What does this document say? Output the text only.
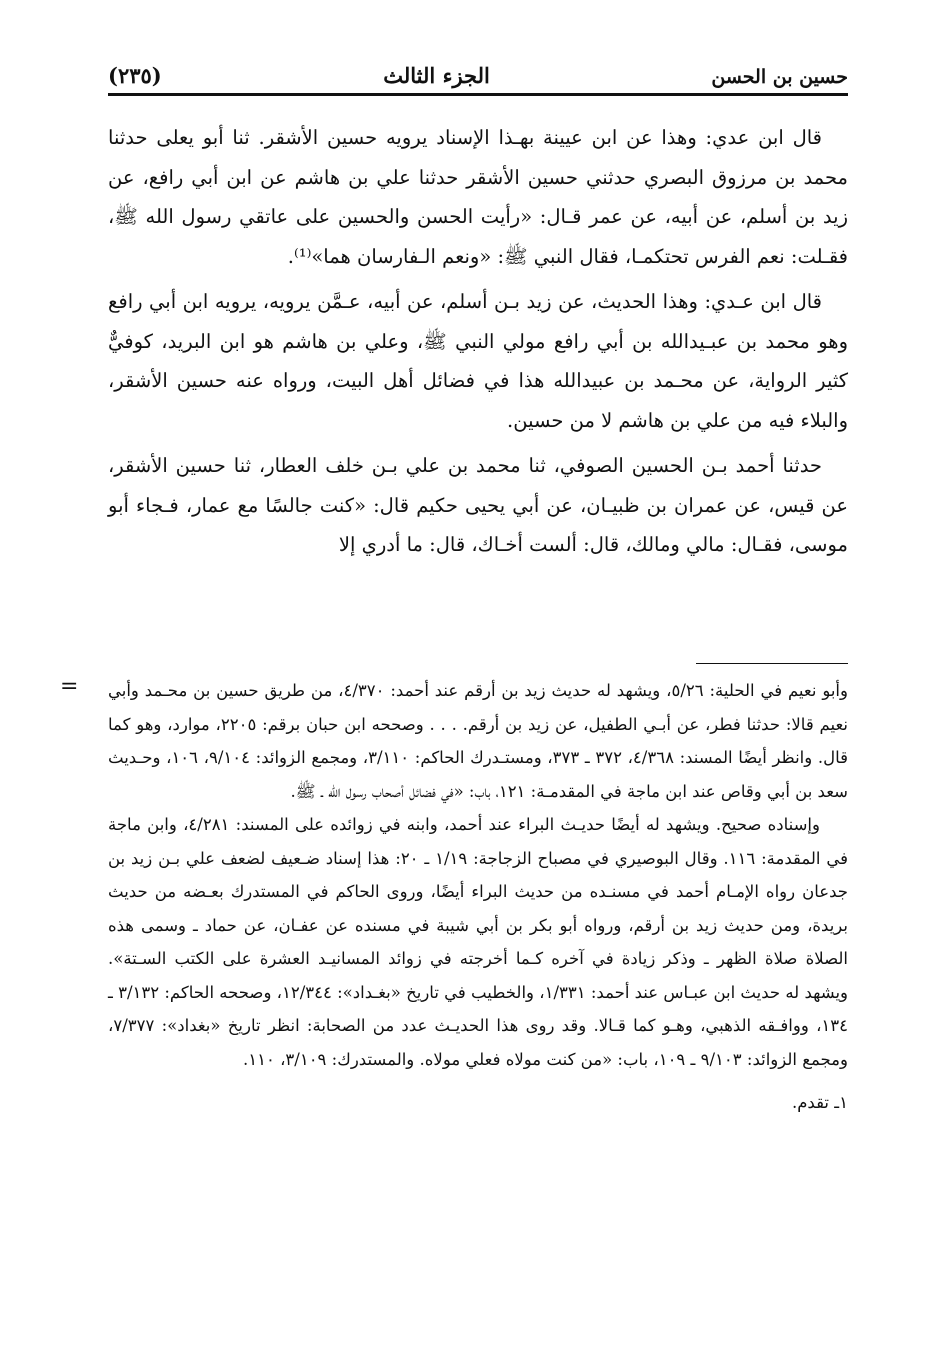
حسين بن الحسن
الجزء الثالث
(٢٣٥)

قال ابن عدي: وهذا عن ابن عيينة بهـذا الإسناد يرويه حسين الأشقر. ثنا أبو يعلى حدثنا محمد بن مرزوق البصري حدثني حسين الأشقر حدثنا علي بن هاشم عن ابن أبي رافع، عن زيد بن أسلم، عن أبيه، عن عمر قـال: «رأيت الحسن والحسين على عاتقي رسول الله ﷺ، فقـلت: نعم الفرس تحتكمـا، فقال النبي ﷺ: «ونعم الـفارسان هما»⁽¹⁾.

قال ابن عـدي: وهذا الحديث، عن زيد بـن أسلم، عن أبيه، عـمَّن يرويه، يرويه ابن أبي رافع وهو محمد بن عبـيدالله بن أبي رافع مولي النبي ﷺ، وعلي بن هاشم هو ابن البريد، كوفيٌّ كثير الرواية، عن محـمد بن عبيدالله هذا في فضائل أهل البيت، ورواه عنه حسين الأشقر، والبلاء فيه من علي بن هاشم لا من حسين.

حدثنا أحمد بـن الحسين الصوفي، ثنا محمد بن علي بـن خلف العطار، ثنا حسين الأشقر، عن قيس، عن عمران بن ظبيـان، عن أبي يحيى حكيم قال: «كنت جالسًا مع عمار، فـجاء أبو موسى، فقـال: مالي ومالك، قال: ألست أخـاك، قال: ما أدري إلا

= وأبو نعيم في الحلية: ٥/٢٦، ويشهد له حديث زيد بن أرقم عند أحمد: ٤/٣٧٠، من طريق حسين بن محـمد وأبي نعيم قالا: حدثنا فطر، عن أبـي الطفيل، عن زيد بن أرقم. . . . وصححه ابن حبان برقم: ٢٢٠٥، موارد، وهو كما قال. وانظر أيضًا المسند: ٤/٣٦٨، ٣٧٢ ـ ٣٧٣، ومستـدرك الحاكم: ٣/١١٠، ومجمع الزوائد: ٩/١٠٤، ١٠٦، وحـديث سعد بن أبي وقاص عند ابن ماجة في المقدمـة: ١٢١، باب: «في فضائل أصحاب رسول الله ـ ﷺ.

وإسناده صحيح. ويشهد له أيضًا حديـث البراء عند أحمد، وابنه في زوائده على المسند: ٤/٢٨١، وابن ماجة في المقدمة: ١١٦. وقال البوصيري في مصباح الزجاجة: ١/١٩ ـ ٢٠: هذا إسناد ضـعيف لضعف علي بـن زيد بن جدعان رواه الإمـام أحمد في مسنـده من حديث البراء أيضًا، وروى الحاكم في المستدرك بعـضه من حديث بريدة، ومن حديث زيد بن أرقم، ورواه أبو بكر بن أبي شيبة في مسنده عن عفـان، عن حماد ـ وسمى هذه الصلاة صلاة الظهر ـ وذكر زيادة في آخره كـما أخرجته في زوائد المسانيـد العشرة على الكتب السـتة». ويشهد له حديث ابن عبـاس عند أحمد: ١/٣٣١، والخطيب في تاريخ «بغـداد»: ١٢/٣٤٤، وصححه الحاكم: ٣/١٣٢ ـ ١٣٤، ووافـقه الذهبي، وهـو كما قـالا. وقد روى هذا الحديـث عدد من الصحابة: انظر تاريخ «بغداد»: ٧/٣٧٧، ومجمع الزوائد: ٩/١٠٣ ـ ١٠٩، باب: «من كنت مولاه فعلي مولاه. والمستدرك: ٣/١٠٩، ١١٠.

١ـ تقدم.
